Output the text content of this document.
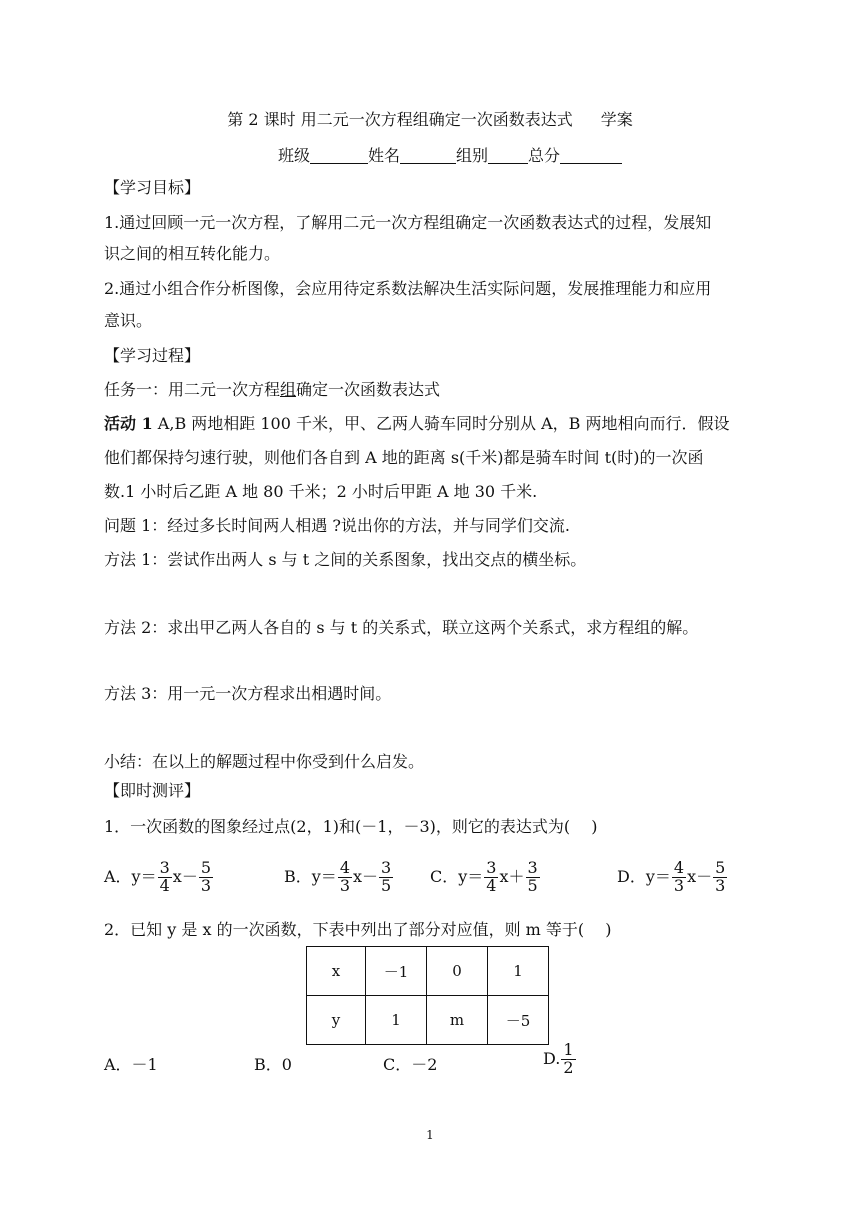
第 2 课时 用二元一次方程组确定一次函数表达式 学案
班级	姓名	组别	总分
【学习目标】
1.通过回顾一元一次方程，了解用二元一次方程组确定一次函数表达式的过程，发展知
识之间的相互转化能力。
2.通过小组合作分析图像，会应用待定系数法解决生活实际问题，发展推理能力和应用
意识。
【学习过程】
任务一：用二元一次方程组确定一次函数表达式
活动 1 A,B 两地相距 100 千米，甲、乙两人骑车同时分别从 A，B 两地相向而行．假设
他们都保持匀速行驶，则他们各自到 A 地的距离 s(千米)都是骑车时间 t(时)的一次函
数.1 小时后乙距 A 地 80 千米；2 小时后甲距 A 地 30 千米.
问题 1：经过多长时间两人相遇 ?说出你的方法，并与同学们交流.
方法 1：尝试作出两人 s 与 t 之间的关系图象，找出交点的横坐标。
方法 2：求出甲乙两人各自的 s 与 t 的关系式，联立这两个关系式，求方程组的解。
方法 3：用一元一次方程求出相遇时间。
小结：在以上的解题过程中你受到什么启发。
【即时测评】
1．一次函数的图象经过点(2，1)和(－1，－3)，则它的表达式为(　 )
A．$y= \frac{3}{4} x- \frac{5}{3}$	B．$y= \frac{4}{3} x- \frac{3}{5}$ C．$y= \frac{3}{4} x+ \frac{3}{5}$	D．$y= \frac{4}{3} x- \frac{5}{3}$
2．已知 y 是 x 的一次函数，下表中列出了部分对应值，则 m 等于(　 )
x	－1	0	1
y	1	m	－5
A．－1	B．0	C．－2	D. $\frac{1}{2}$
1
